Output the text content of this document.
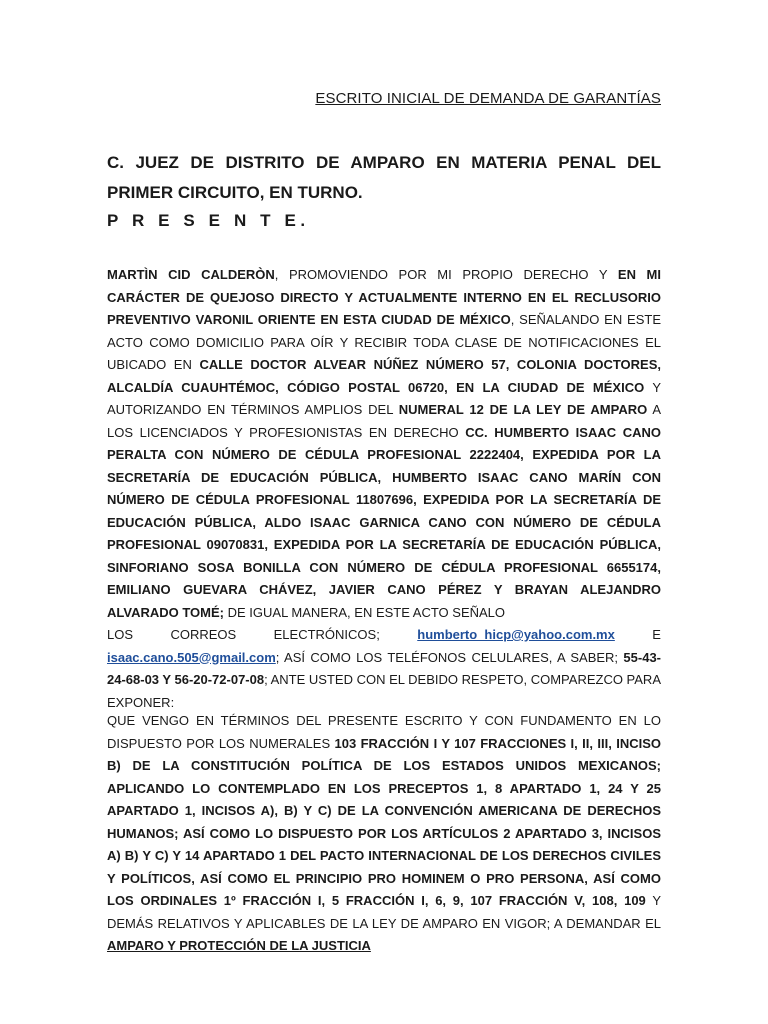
ESCRITO INICIAL DE DEMANDA DE GARANTÍAS
C. JUEZ DE DISTRITO DE AMPARO EN MATERIA PENAL DEL
PRIMER CIRCUITO, EN TURNO.
P R E S E N T E.
MARTÌN CID CALDERÒN, PROMOVIENDO POR MI PROPIO DERECHO Y EN MI CARÁCTER DE QUEJOSO DIRECTO Y ACTUALMENTE INTERNO EN EL RECLUSORIO PREVENTIVO VARONIL ORIENTE EN ESTA CIUDAD DE MÉXICO, SEÑALANDO EN ESTE ACTO COMO DOMICILIO PARA OÍR Y RECIBIR TODA CLASE DE NOTIFICACIONES EL UBICADO EN CALLE DOCTOR ALVEAR NÚÑEZ NÚMERO 57, COLONIA DOCTORES, ALCALDÍA CUAUHTÉMOC, CÓDIGO POSTAL 06720, EN LA CIUDAD DE MÉXICO Y AUTORIZANDO EN TÉRMINOS AMPLIOS DEL NUMERAL 12 DE LA LEY DE AMPARO A LOS LICENCIADOS Y PROFESIONISTAS EN DERECHO CC. HUMBERTO ISAAC CANO PERALTA CON NÚMERO DE CÉDULA PROFESIONAL 2222404, EXPEDIDA POR LA SECRETARÍA DE EDUCACIÓN PÚBLICA, HUMBERTO ISAAC CANO MARÍN CON NÚMERO DE CÉDULA PROFESIONAL 11807696, EXPEDIDA POR LA SECRETARÍA DE EDUCACIÓN PÚBLICA, ALDO ISAAC GARNICA CANO CON NÚMERO DE CÉDULA PROFESIONAL 09070831, EXPEDIDA POR LA SECRETARÍA DE EDUCACIÓN PÚBLICA, SINFORIANO SOSA BONILLA CON NÚMERO DE CÉDULA PROFESIONAL 6655174, EMILIANO GUEVARA CHÁVEZ, JAVIER CANO PÉREZ Y BRAYAN ALEJANDRO ALVARADO TOMÉ; DE IGUAL MANERA, EN ESTE ACTO SEÑALO
LOS	CORREOS	ELECTRÓNICOS;	humberto_hicp@yahoo.com.mx	E
isaac.cano.505@gmail.com; ASÍ COMO LOS TELÉFONOS CELULARES, A SABER; 55-43-24-68-03 Y 56-20-72-07-08; ANTE USTED CON EL DEBIDO RESPETO, COMPAREZCO PARA EXPONER:
QUE VENGO EN TÉRMINOS DEL PRESENTE ESCRITO Y CON FUNDAMENTO EN LO DISPUESTO POR LOS NUMERALES 103 FRACCIÓN I Y 107 FRACCIONES I, II, III, INCISO B) DE LA CONSTITUCIÓN POLÍTICA DE LOS ESTADOS UNIDOS MEXICANOS; APLICANDO LO CONTEMPLADO EN LOS PRECEPTOS 1, 8 APARTADO 1, 24 Y 25 APARTADO 1, INCISOS A), B) Y C) DE LA CONVENCIÓN AMERICANA DE DERECHOS HUMANOS; ASÍ COMO LO DISPUESTO POR LOS ARTÍCULOS 2 APARTADO 3, INCISOS A) B) Y C) Y 14 APARTADO 1 DEL PACTO INTERNACIONAL DE LOS DERECHOS CIVILES Y POLÍTICOS, ASÍ COMO EL PRINCIPIO PRO HOMINEM O PRO PERSONA, ASÍ COMO LOS ORDINALES 1º FRACCIÓN I, 5 FRACCIÓN I, 6, 9, 107 FRACCIÓN V, 108, 109 Y DEMÁS RELATIVOS Y APLICABLES DE LA LEY DE AMPARO EN VIGOR; A DEMANDAR EL AMPARO Y PROTECCIÓN DE LA JUSTICIA
